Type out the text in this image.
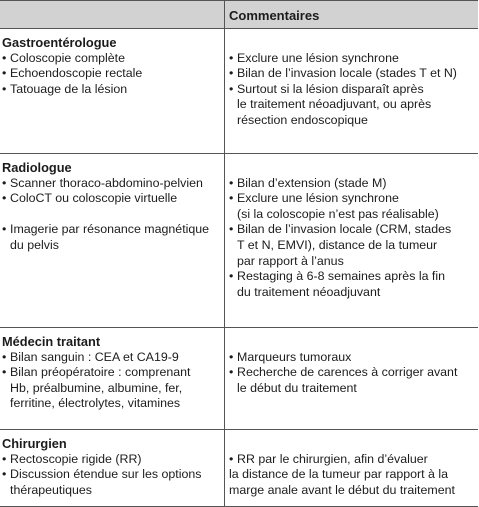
Commentaires
Gastroentérologue
• Coloscopie complète
• Echoendoscopie rectale
• Tatouage de la lésion
• Exclure une lésion synchrone
• Bilan de l’invasion locale (stades T et N)
• Surtout si la lésion disparaît après
le traitement néoadjuvant, ou après
résection endoscopique
Radiologue
• Scanner thoraco-abdomino-pelvien
• ColoCT ou coloscopie virtuelle
• Imagerie par résonance magnétique
du pelvis
• Bilan d’extension (stade M)
• Exclure une lésion synchrone
(si la coloscopie n’est pas réalisable)
• Bilan de l’invasion locale (CRM, stades
T et N, EMVI), distance de la tumeur
par rapport à l’anus
• Restaging à 6-8 semaines après la fin
du traitement néoadjuvant
Médecin traitant
• Bilan sanguin : CEA et CA19-9
• Bilan préopératoire : comprenant
Hb, préalbumine, albumine, fer,
ferritine, électrolytes, vitamines
• Marqueurs tumoraux
• Recherche de carences à corriger avant
le début du traitement
Chirurgien
• Rectoscopie rigide (RR)
• Discussion étendue sur les options
thérapeutiques
• RR par le chirurgien, afin d’évaluer
la distance de la tumeur par rapport à la
marge anale avant le début du traitement
